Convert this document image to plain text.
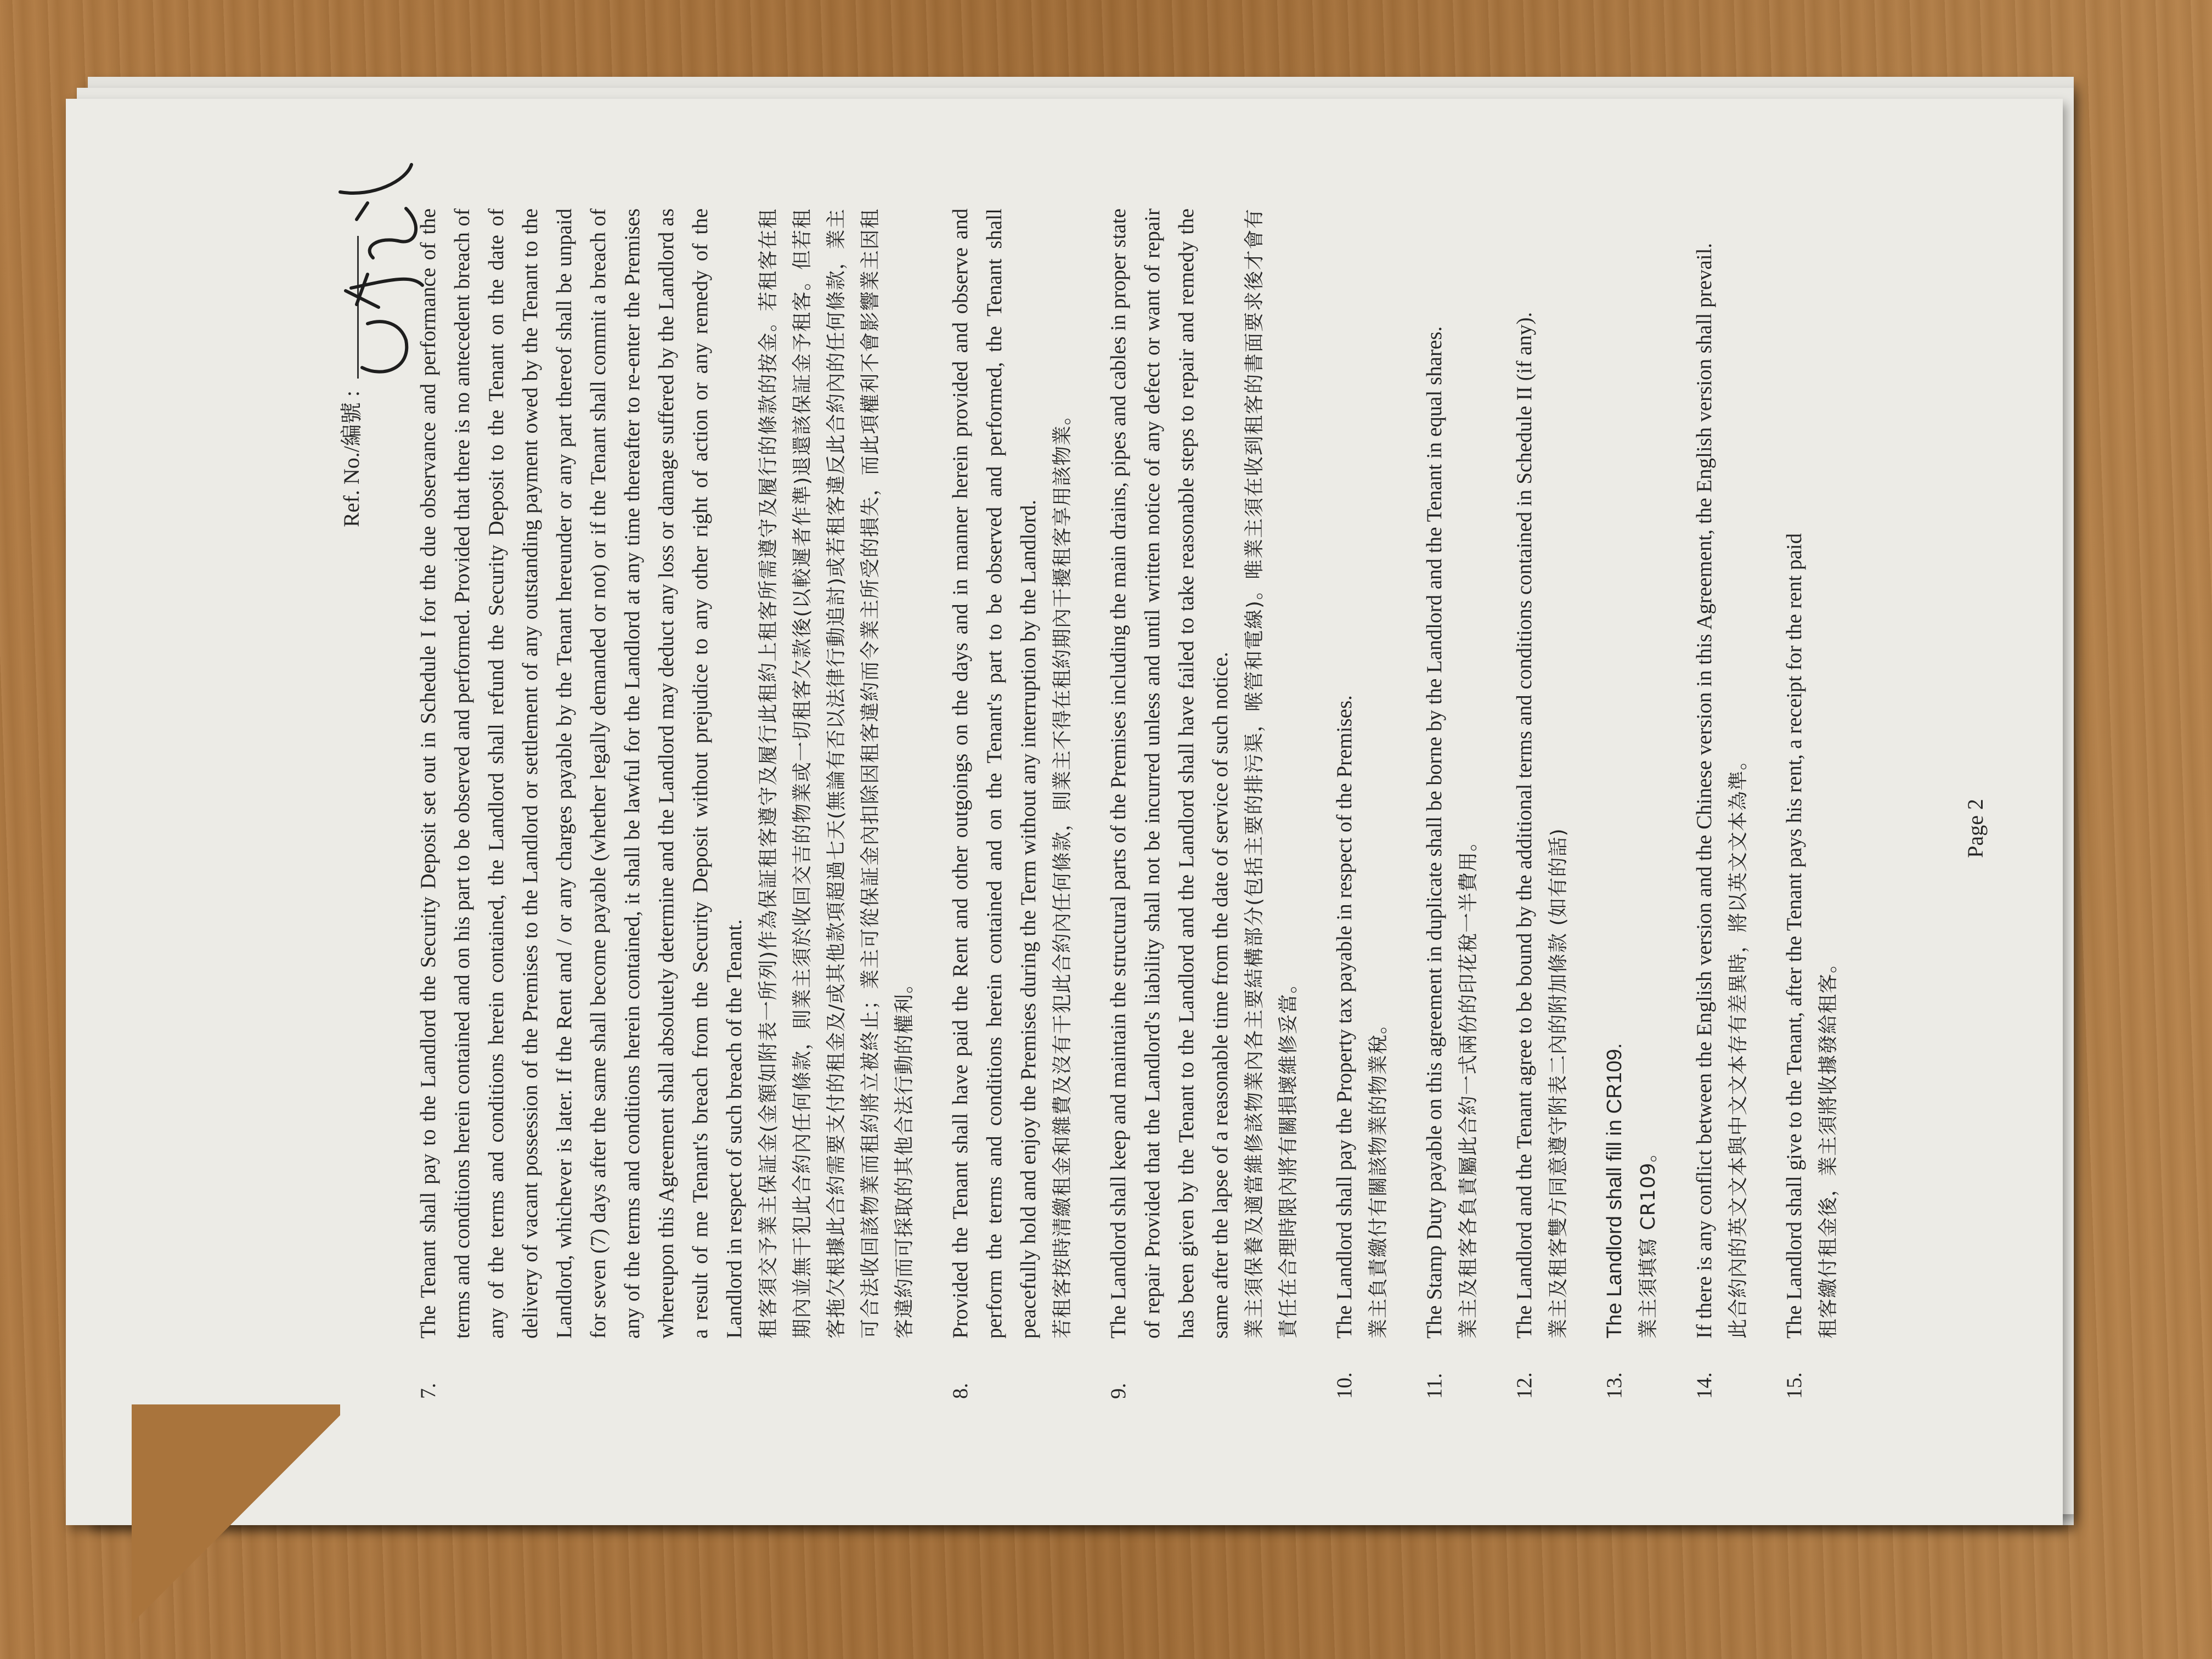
Ref. No./編號 :
7.

The Tenant shall pay to the Landlord the Security Deposit set out in Schedule I for the due observance and performance of the terms and conditions herein contained and on his part to be observed and performed. Provided that there is no antecedent breach of any of the terms and conditions herein contained, the Landlord shall refund the Security Deposit to the Tenant on the date of delivery of vacant possession of the Premises to the Landlord or settlement of any outstanding payment owed by the Tenant to the Landlord, whichever is later. If the Rent and / or any charges payable by the Tenant hereunder or any part thereof shall be unpaid for seven (7) days after the same shall become payable (whether legally demanded or not) or if the Tenant shall commit a breach of any of the terms and conditions herein contained, it shall be lawful for the Landlord at any time thereafter to re-enter the Premises whereupon this Agreement shall absolutely determine and the Landlord may deduct any loss or damage suffered by the Landlord as a result of me Tenant's breach from the Security Deposit without prejudice to any other right of action or any remedy of the Landlord in respect of such breach of the Tenant. 租客須交予業主保証金(金額如附表一所列)作為保証租客遵守及履行此租約上租客所需遵守及履行的條款的按金。若租客在租期內並無干犯此合約內任何條款，則業主須於收回交吉的物業或一切租客欠款後(以較遲者作準)退還該保証金予租客。但若租客拖欠根據此合約需要支付的租金及/或其他款項超過七天(無論有否以法律行動追討)或若租客違反此合約內的任何條款，業主可合法收回該物業而租約將立被終止；業主可從保証金內扣除因租客違約而令業主所受的損失，而此項權利不會影響業主因租客違約而可採取的其他合法行動的權利。

8.

Provided the Tenant shall have paid the Rent and other outgoings on the days and in manner herein provided and observe and perform the terms and conditions herein contained and on the Tenant's part to be observed and performed, the Tenant shall peacefully hold and enjoy the Premises during the Term without any interruption by the Landlord. 若租客按時清繳租金和雜費及沒有干犯此合約內任何條款，則業主不得在租約期內干擾租客享用該物業。

9.

The Landlord shall keep and maintain the structural parts of the Premises including the main drains, pipes and cables in proper state of repair Provided that the Landlord's liability shall not be incurred unless and until written notice of any defect or want of repair has been given by the Tenant to the Landlord and the Landlord shall have failed to take reasonable steps to repair and remedy the same after the lapse of a reasonable time from the date of service of such notice. 業主須保養及適當維修該物業內各主要結構部分(包括主要的排污渠，喉管和電線)。唯業主須在收到租客的書面要求後才會有責任在合理時限內將有關損壞維修妥當。

10.

The Landlord shall pay the Property tax payable in respect of the Premises. 業主負責繳付有關該物業的物業稅。

11.

The Stamp Duty payable on this agreement in duplicate shall be borne by the Landlord and the Tenant in equal shares. 業主及租客各負責屬此合約一式兩份的印花稅一半費用。

12.

The Landlord and the Tenant agree to be bound by the additional terms and conditions contained in Schedule II (if any). 業主及租客雙方同意遵守附表二內的附加條款 (如有的話)

13.

The Landlord shall fill in CR109. 業主須填寫 CR109。

14.

If there is any conflict between the English version and the Chinese version in this Agreement, the English version shall prevail. 此合約內的英文文本與中文文本存有差異時，將以英文文本為準。

15.

The Landlord shall give to the Tenant, after the Tenant pays his rent, a receipt for the rent paid 租客繳付租金後，業主須將收據發給租客。

Page 2
